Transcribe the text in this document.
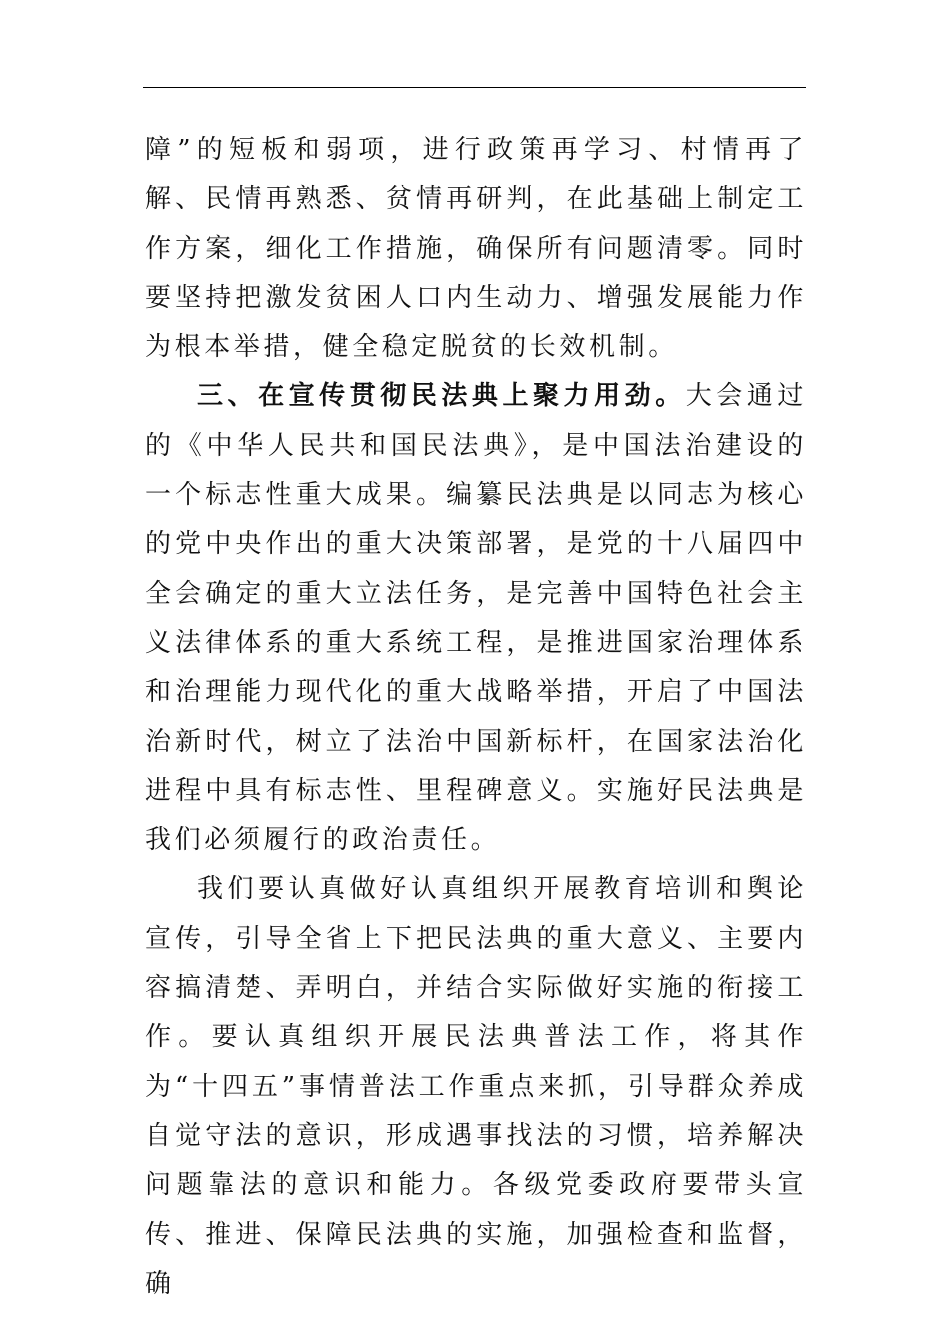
障”的短板和弱项，进行政策再学习、村情再了解、民情再熟悉、贫情再研判，在此基础上制定工作方案，细化工作措施，确保所有问题清零。同时要坚持把激发贫困人口内生动力、增强发展能力作为根本举措，健全稳定脱贫的长效机制。

三、在宣传贯彻民法典上聚力用劲。大会通过的《中华人民共和国民法典》，是中国法治建设的一个标志性重大成果。编纂民法典是以同志为核心的党中央作出的重大决策部署，是党的十八届四中全会确定的重大立法任务，是完善中国特色社会主义法律体系的重大系统工程，是推进国家治理体系和治理能力现代化的重大战略举措，开启了中国法治新时代，树立了法治中国新标杆，在国家法治化进程中具有标志性、里程碑意义。实施好民法典是我们必须履行的政治责任。

我们要认真做好认真组织开展教育培训和舆论宣传，引导全省上下把民法典的重大意义、主要内容搞清楚、弄明白，并结合实际做好实施的衔接工作。要认真组织开展民法典普法工作，将其作为“十四五”事情普法工作重点来抓，引导群众养成自觉守法的意识，形成遇事找法的习惯，培养解决问题靠法的意识和能力。各级党委政府要带头宣传、推进、保障民法典的实施，加强检查和监督，确
